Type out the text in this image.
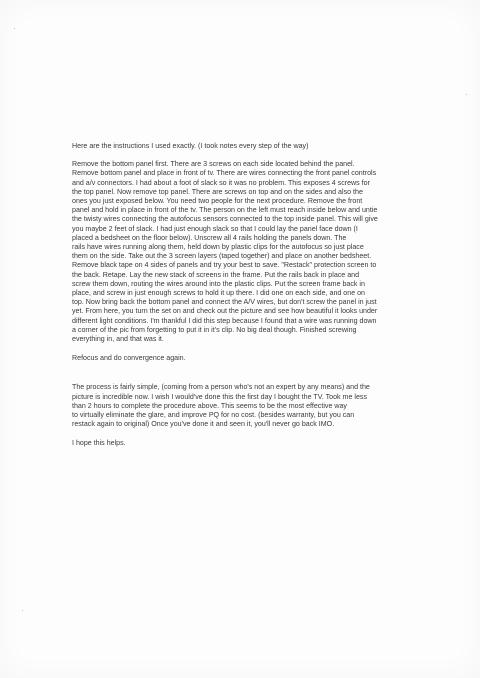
Here are the instructions I used exactly. (I took notes every step of the way)

Remove the bottom panel first. There are 3 screws on each side located behind the panel.
Remove bottom panel and place in front of tv. There are wires connecting the front panel controls
and a/v connectors. I had about a foot of slack so it was no problem. This exposes 4 screws for
the top panel. Now remove top panel. There are screws on top and on the sides and also the
ones you just exposed below. You need two people for the next procedure. Remove the front
panel and hold in place in front of the tv. The person on the left must reach inside below and untie
the twisty wires connecting the autofocus sensors connected to the top inside panel. This will give
you maybe 2 feet of slack. I had just enough slack so that I could lay the panel face down (I
placed a bedsheet on the floor below). Unscrew all 4 rails holding the panels down. The
rails have wires running along them, held down by plastic clips for the autofocus so just place
them on the side. Take out the 3 screen layers (taped together) and place on another bedsheet.
Remove black tape on 4 sides of panels and try your best to save. "Restack" protection screen to
the back. Retape. Lay the new stack of screens in the frame. Put the rails back in place and
screw them down, routing the wires around into the plastic clips. Put the screen frame back in
place, and screw in just enough screws to hold it up there. I did one on each side, and one on
top. Now bring back the bottom panel and connect the A/V wires, but don't screw the panel in just
yet. From here, you turn the set on and check out the picture and see how beautiful it looks under
different light conditions. I'm thankful I did this step because I found that a wire was running down
a corner of the pic from forgetting to put it in it's clip. No big deal though. Finished screwing
everything in, and that was it.

Refocus and do convergence again.

The process is fairly simple, (coming from a person who's not an expert by any means) and the
picture is incredible now. I wish I would've done this the first day I bought the TV. Took me less
than 2 hours to complete the procedure above. This seems to be the most effective way
to virtually eliminate the glare, and improve PQ for no cost. (besides warranty, but you can
restack again to original) Once you've done it and seen it, you'll never go back IMO.

I hope this helps.
